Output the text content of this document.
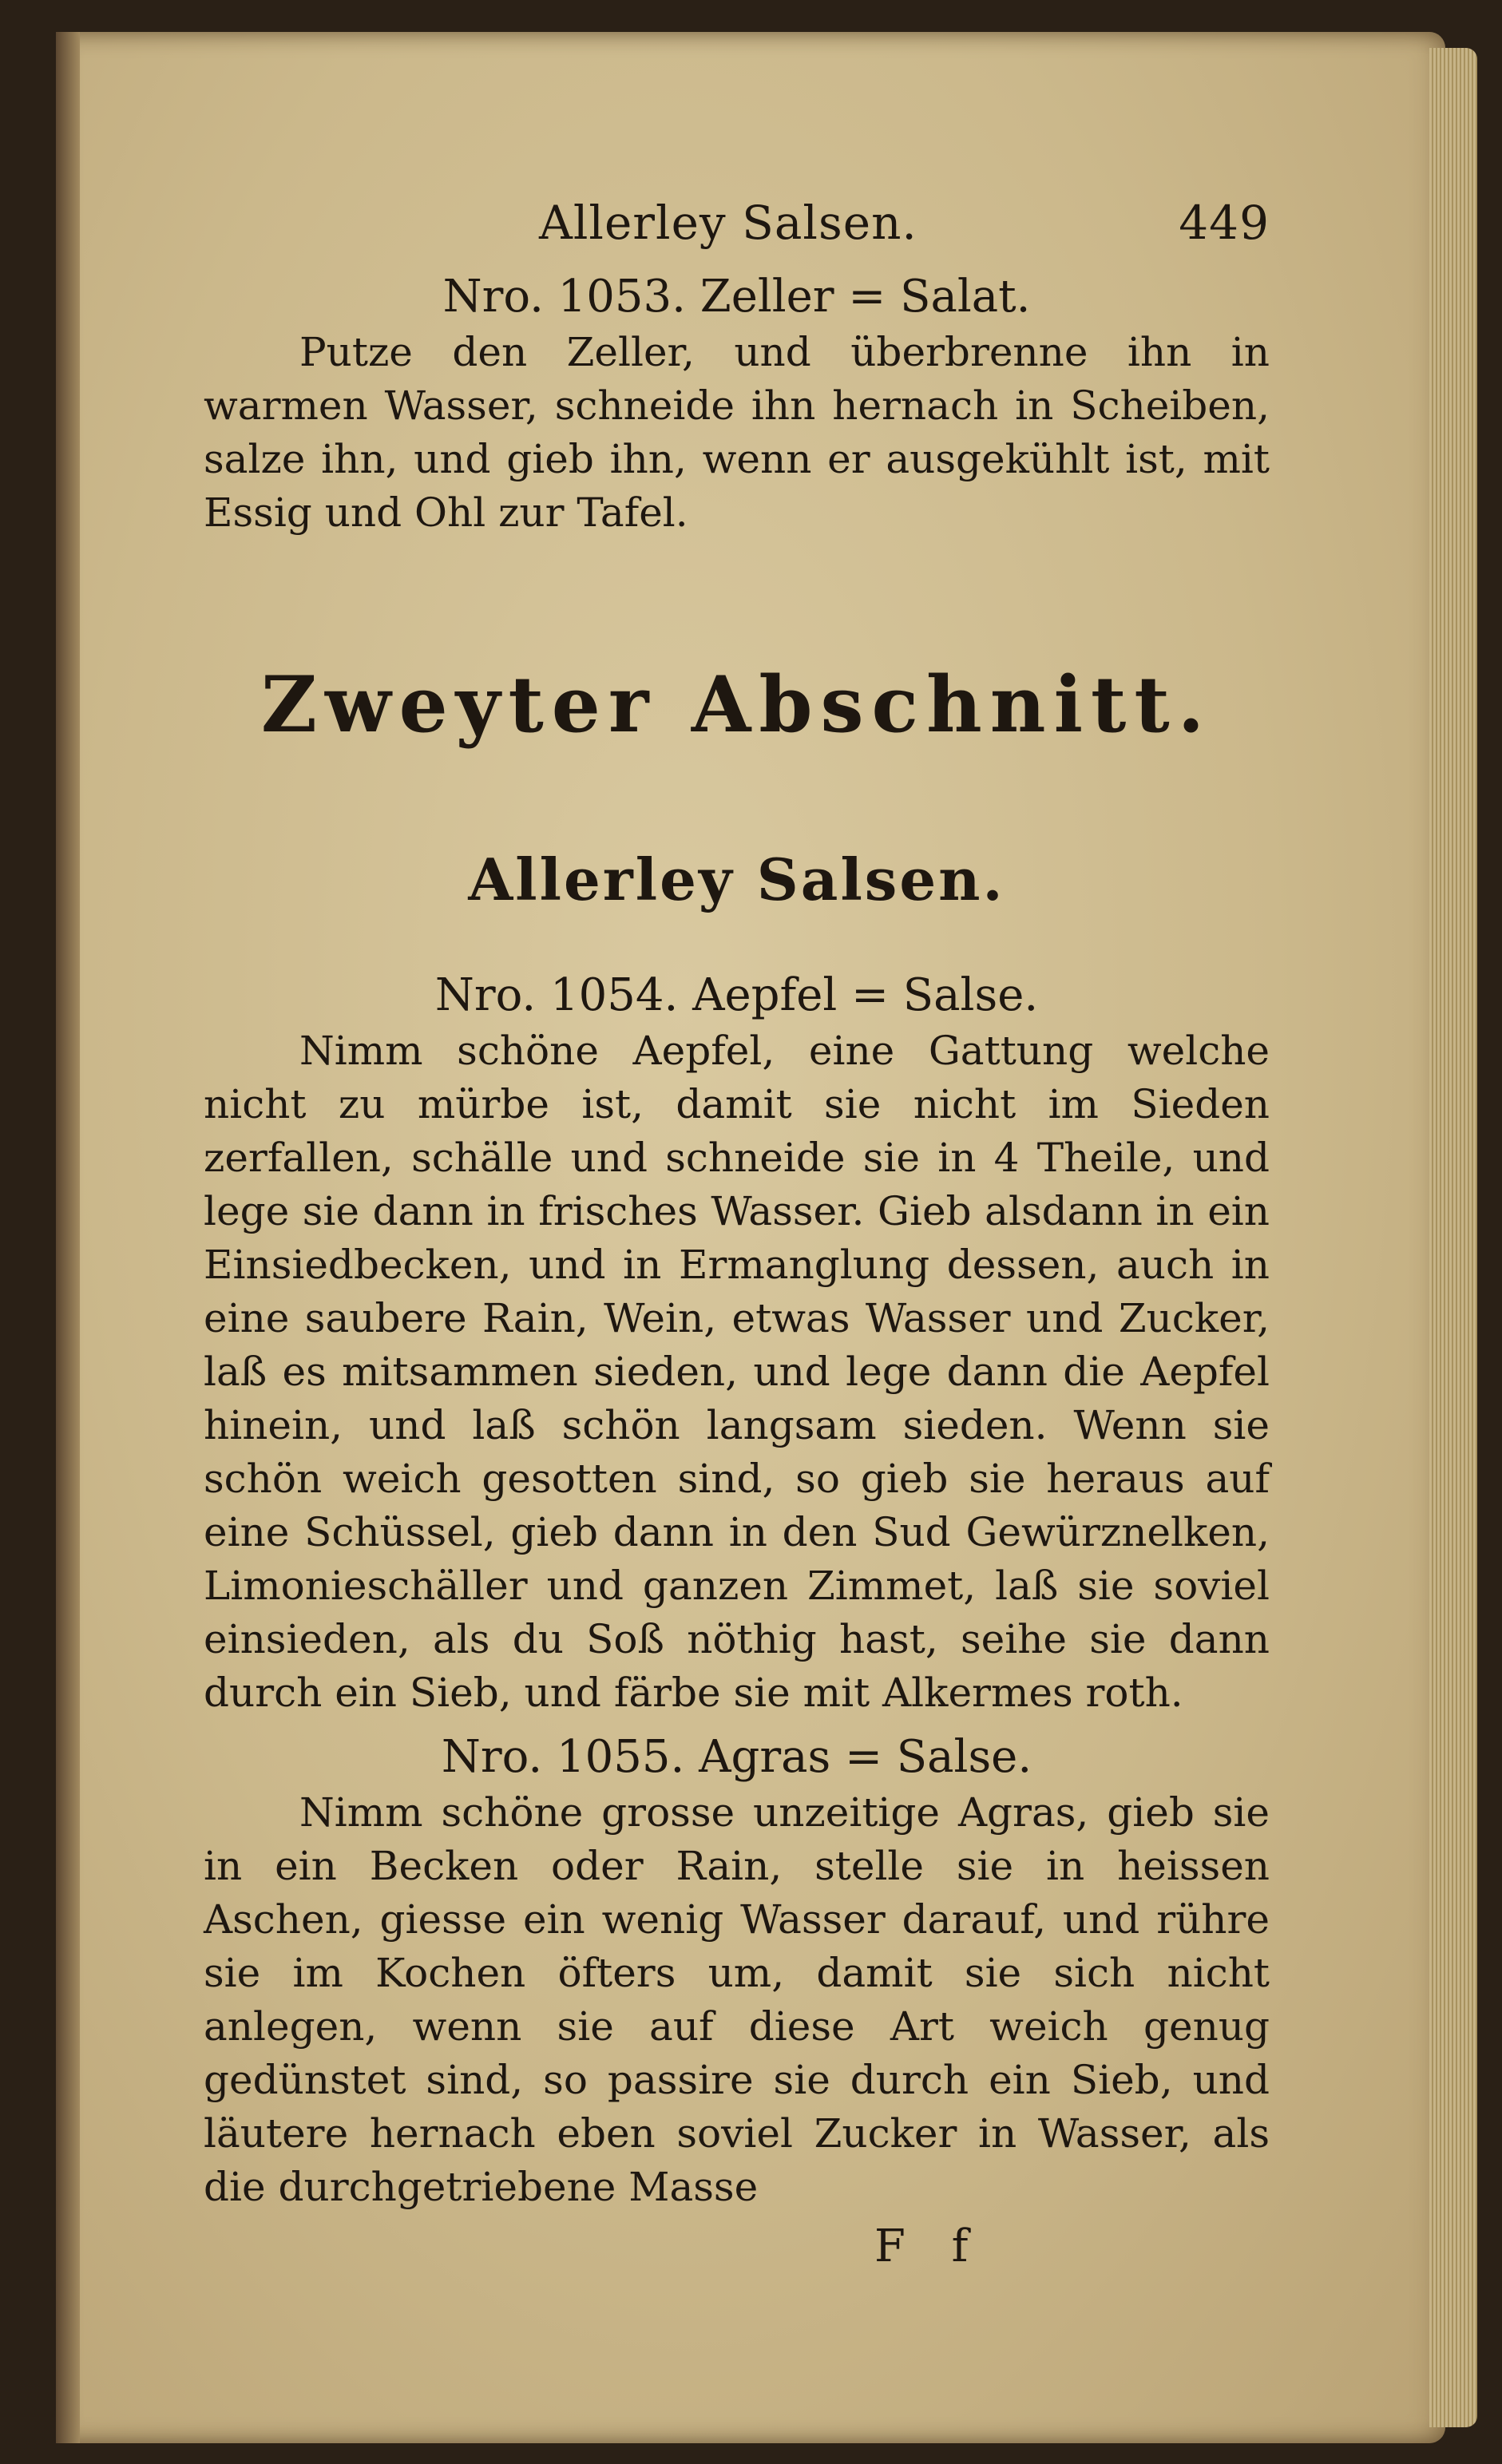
Allerley Salsen.	449
Nro. 1053. Zeller = Salat.

Putze den Zeller, und überbrenne ihn in warmen Wasser, schneide ihn hernach in Scheiben, salze ihn, und gieb ihn, wenn er ausgekühlt ist, mit Essig und Ohl zur Tafel.

Zweyter Abschnitt.
Allerley Salsen.
Nro. 1054. Aepfel = Salse.

Nimm schöne Aepfel, eine Gattung welche nicht zu mürbe ist, damit sie nicht im Sieden zerfallen, schälle und schneide sie in 4 Theile, und lege sie dann in frisches Wasser. Gieb alsdann in ein Einsiedbecken, und in Ermanglung dessen, auch in eine saubere Rain, Wein, etwas Wasser und Zucker, laß es mitsammen sieden, und lege dann die Aepfel hinein, und laß schön langsam sieden. Wenn sie schön weich gesotten sind, so gieb sie heraus auf eine Schüssel, gieb dann in den Sud Gewürznelken, Limonieschäller und ganzen Zimmet, laß sie soviel einsieden, als du Soß nöthig hast, seihe sie dann durch ein Sieb, und färbe sie mit Alkermes roth.

Nro. 1055. Agras = Salse.

Nimm schöne grosse unzeitige Agras, gieb sie in ein Becken oder Rain, stelle sie in heissen Aschen, giesse ein wenig Wasser darauf, und rühre sie im Kochen öfters um, damit sie sich nicht anlegen, wenn sie auf diese Art weich genug gedünstet sind, so passire sie durch ein Sieb, und läutere hernach eben soviel Zucker in Wasser, als die durchgetriebene Masse

F f
